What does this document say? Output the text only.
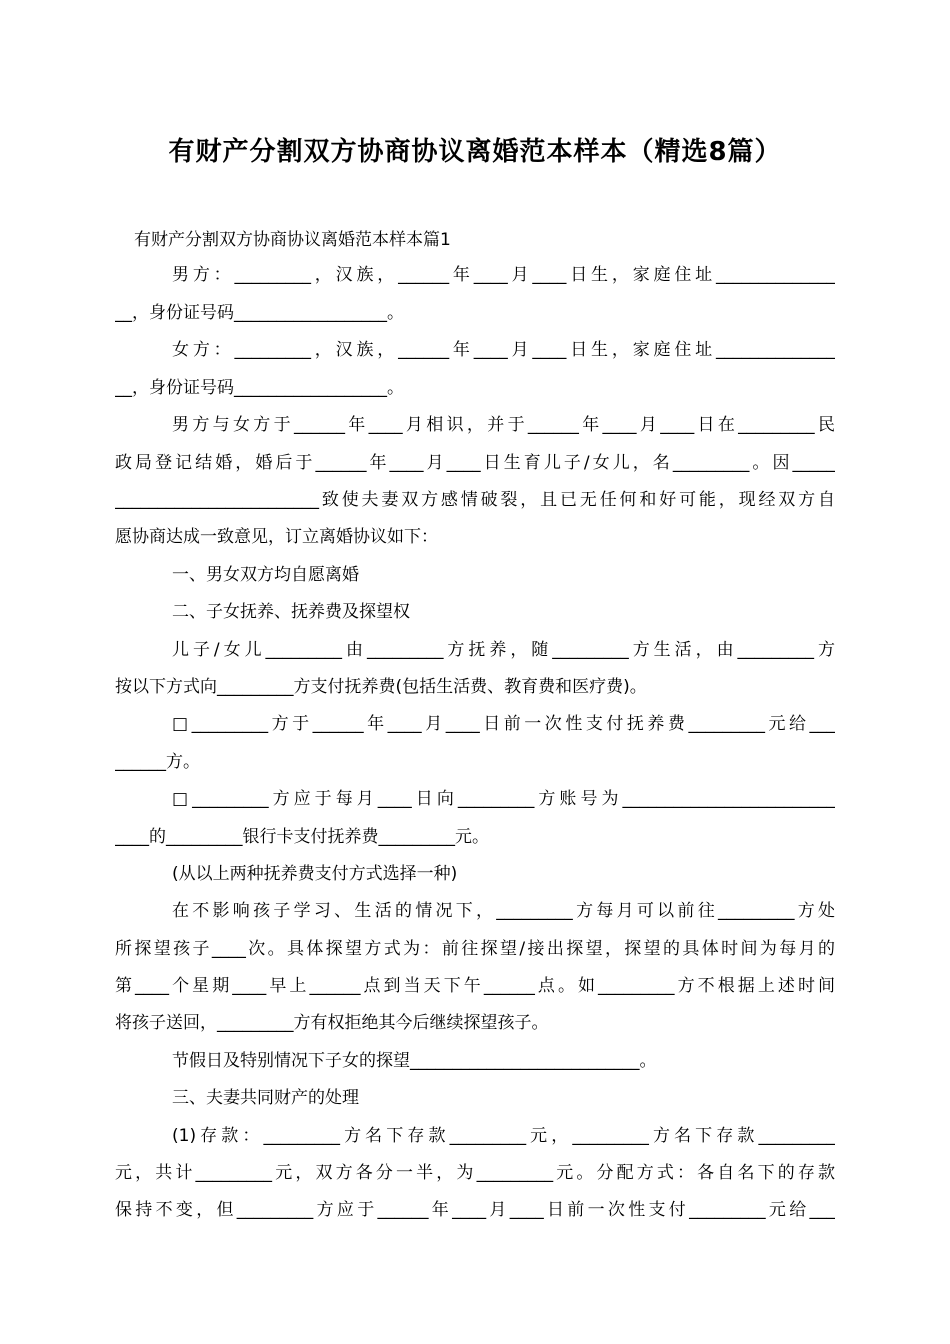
有财产分割双方协商协议离婚范本样本（精选8篇）
有财产分割双方协商协议离婚范本样本篇1
男方：_________，汉族，______年____月____日生，家庭住址______________
__，身份证号码__________________。
女方：_________，汉族，______年____月____日生，家庭住址______________
__，身份证号码__________________。
男方与女方于______年____月相识，并于______年____月____日在_________民
政局登记结婚，婚后于______年____月____日生育儿子/女儿，名_________。因_____
________________________致使夫妻双方感情破裂，且已无任何和好可能，现经双方自
愿协商达成一致意见，订立离婚协议如下：
一、男女双方均自愿离婚
二、子女抚养、抚养费及探望权
儿子/女儿_________由_________方抚养，随_________方生活，由_________方
按以下方式向_________方支付抚养费(包括生活费、教育费和医疗费)。
□_________方于______年____月____日前一次性支付抚养费_________元给___
______方。
□_________方应于每月____日向_________方账号为_________________________
____的_________银行卡支付抚养费_________元。
(从以上两种抚养费支付方式选择一种)
在不影响孩子学习、生活的情况下，_________方每月可以前往_________方处
所探望孩子____次。具体探望方式为：前往探望/接出探望，探望的具体时间为每月的
第____个星期____早上______点到当天下午______点。如_________方不根据上述时间
将孩子送回，_________方有权拒绝其今后继续探望孩子。
节假日及特别情况下子女的探望___________________________。
三、夫妻共同财产的处理
(1)存款：_________方名下存款_________元，_________方名下存款_________
元，共计_________元，双方各分一半，为_________元。分配方式：各自名下的存款
保持不变，但_________方应于______年____月____日前一次性支付_________元给___
